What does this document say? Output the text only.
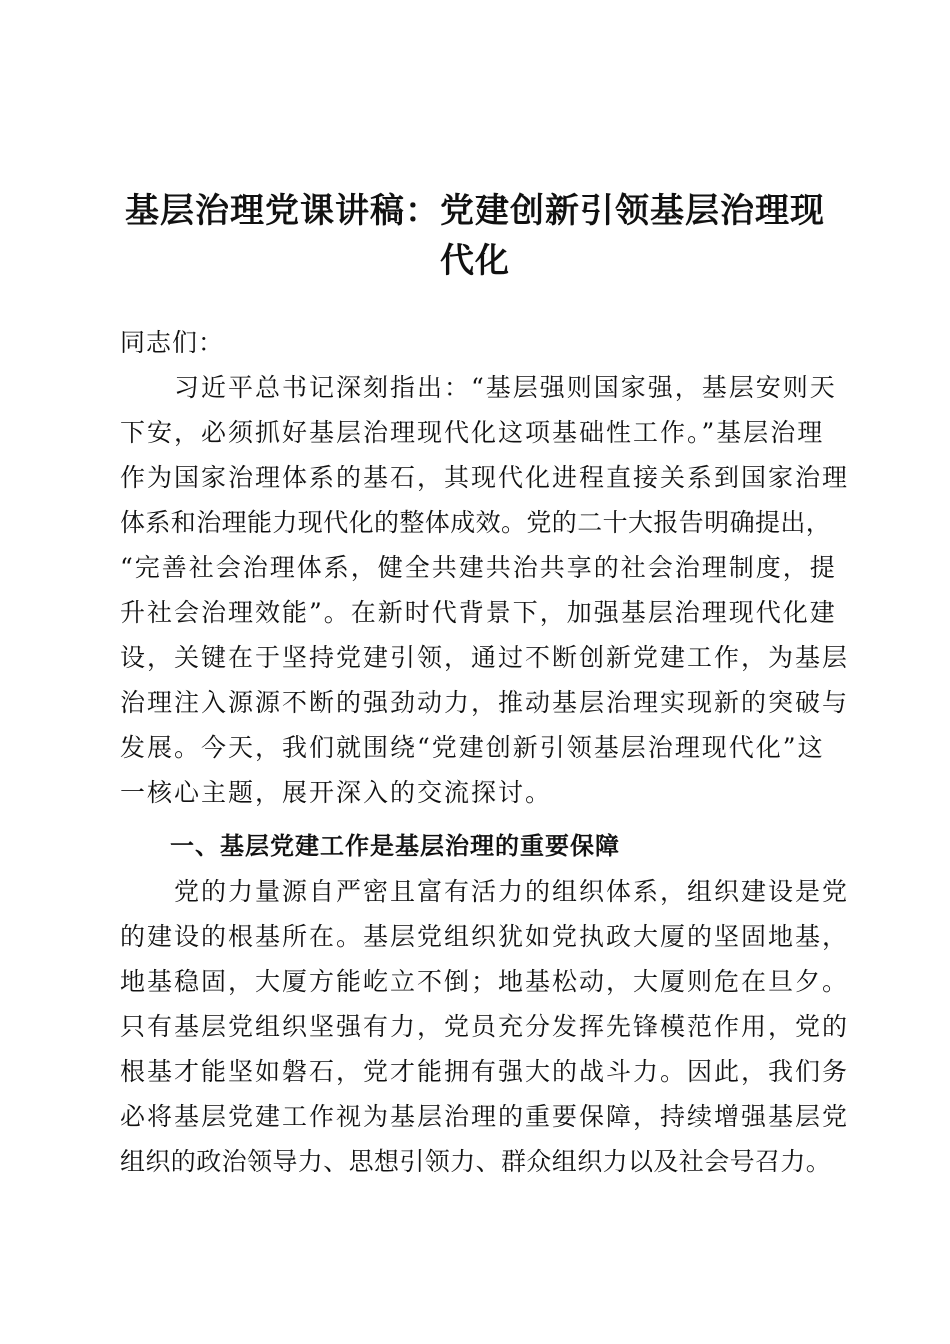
基层治理党课讲稿：党建创新引领基层治理现
代化
同志们：
　　习近平总书记深刻指出：“基层强则国家强，基层安则天
下安，必须抓好基层治理现代化这项基础性工作。”基层治理
作为国家治理体系的基石，其现代化进程直接关系到国家治理
体系和治理能力现代化的整体成效。党的二十大报告明确提出，
“完善社会治理体系，健全共建共治共享的社会治理制度，提
升社会治理效能”。在新时代背景下，加强基层治理现代化建
设，关键在于坚持党建引领，通过不断创新党建工作，为基层
治理注入源源不断的强劲动力，推动基层治理实现新的突破与
发展。今天，我们就围绕“党建创新引领基层治理现代化”这
一核心主题，展开深入的交流探讨。
　　一、基层党建工作是基层治理的重要保障
　　党的力量源自严密且富有活力的组织体系，组织建设是党
的建设的根基所在。基层党组织犹如党执政大厦的坚固地基，
地基稳固，大厦方能屹立不倒；地基松动，大厦则危在旦夕。
只有基层党组织坚强有力，党员充分发挥先锋模范作用，党的
根基才能坚如磐石，党才能拥有强大的战斗力。因此，我们务
必将基层党建工作视为基层治理的重要保障，持续增强基层党
组织的政治领导力、思想引领力、群众组织力以及社会号召力。
